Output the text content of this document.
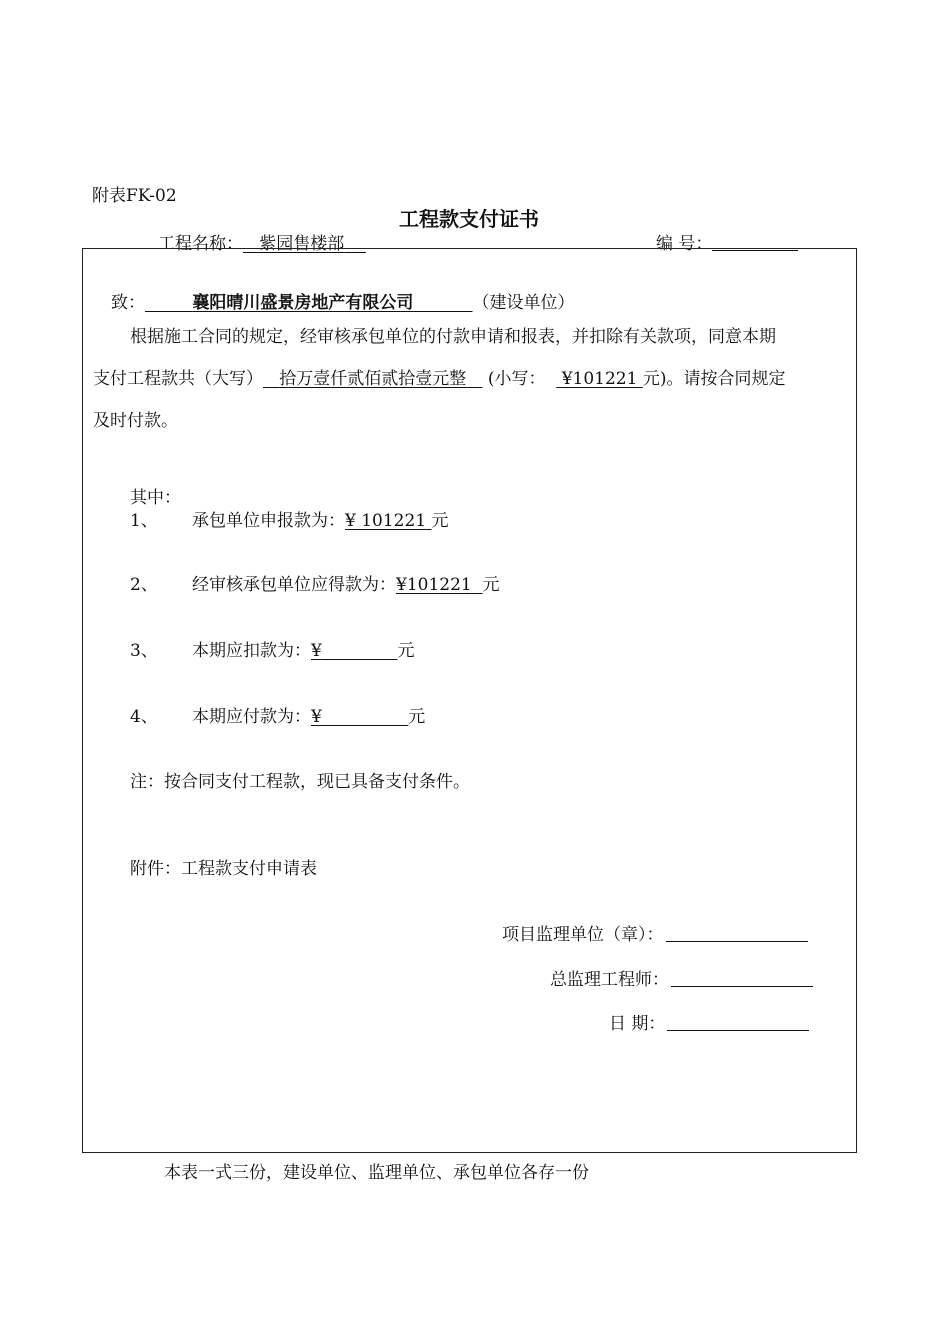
附表FK-02
工程款支付证书
工程名称： 紫园售楼部	编 号：
致：	襄阳晴川盛景房地产有限公司	（建设单位）
根据施工合同的规定，经审核承包单位的付款申请和报表，并扣除有关款项，同意本期
支付工程款共（大写） 拾万壹仟贰佰贰拾壹元整 (小写： ¥101221 元)。请按合同规定
及时付款。
其中：
1、 承包单位申报款为：¥ 101221 元
2、 经审核承包单位应得款为：¥101221 元
3、 本期应扣款为：¥	元
4、 本期应付款为：¥	元
注：按合同支付工程款，现已具备支付条件。
附件：工程款支付申请表
项目监理单位（章）：
总监理工程师：
日 期：
本表一式三份，建设单位、监理单位、承包单位各存一份
